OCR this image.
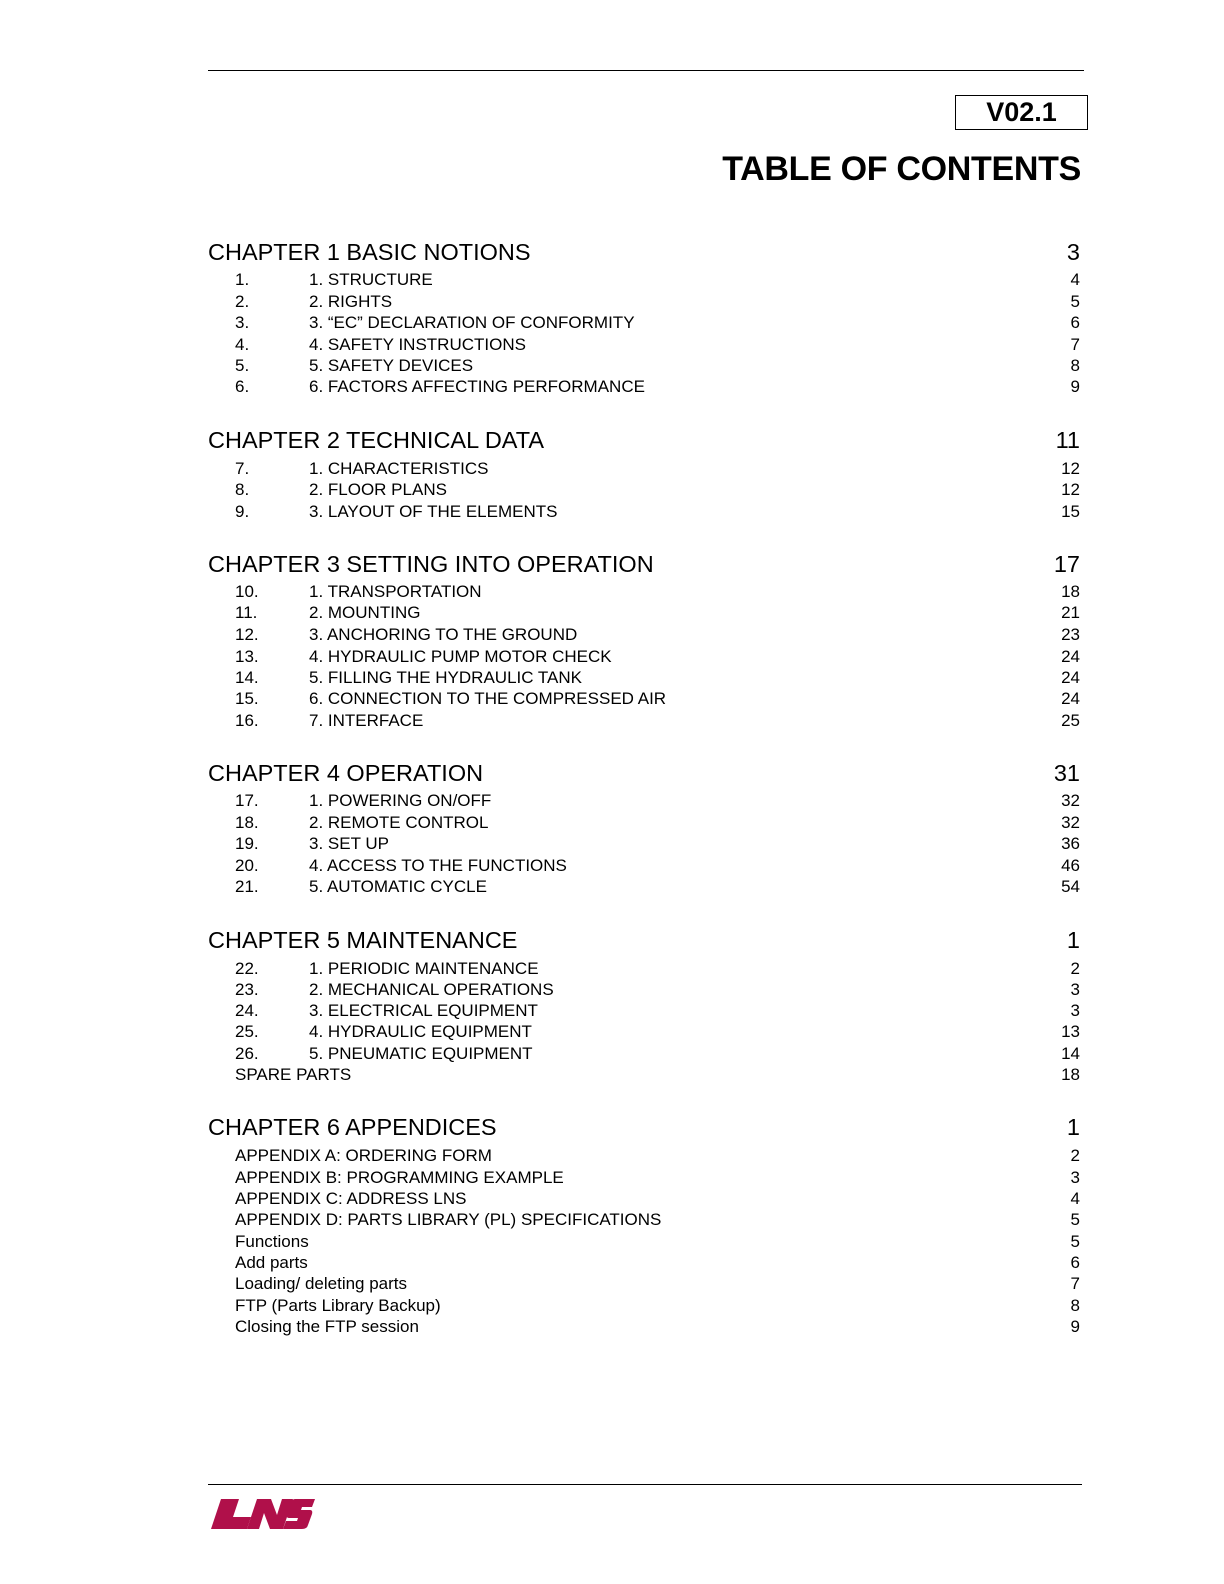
V02.1
TABLE OF CONTENTS
CHAPTER 1 BASIC NOTIONS	3
1.	1. STRUCTURE	4
2.	2. RIGHTS	5
3.	3. “EC” DECLARATION OF CONFORMITY	6
4.	4. SAFETY INSTRUCTIONS	7
5.	5. SAFETY DEVICES	8
6.	6. FACTORS AFFECTING PERFORMANCE	9
CHAPTER 2 TECHNICAL DATA	11
7.	1. CHARACTERISTICS	12
8.	2. FLOOR PLANS	12
9.	3. LAYOUT OF THE ELEMENTS	15
CHAPTER 3 SETTING INTO OPERATION	17
10.	1. TRANSPORTATION	18
11.	2. MOUNTING	21
12.	3. ANCHORING TO THE GROUND	23
13.	4. HYDRAULIC PUMP MOTOR CHECK	24
14.	5. FILLING THE HYDRAULIC TANK	24
15.	6. CONNECTION TO THE COMPRESSED AIR	24
16.	7. INTERFACE	25
CHAPTER 4 OPERATION	31
17.	1. POWERING ON/OFF	32
18.	2. REMOTE CONTROL	32
19.	3. SET UP	36
20.	4. ACCESS TO THE FUNCTIONS	46
21.	5. AUTOMATIC CYCLE	54
CHAPTER 5 MAINTENANCE	1
22.	1. PERIODIC MAINTENANCE	2
23.	2. MECHANICAL OPERATIONS	3
24.	3. ELECTRICAL EQUIPMENT	3
25.	4. HYDRAULIC EQUIPMENT	13
26.	5. PNEUMATIC EQUIPMENT	14
SPARE PARTS	18
CHAPTER 6 APPENDICES	1
APPENDIX A: ORDERING FORM	2
APPENDIX B: PROGRAMMING EXAMPLE	3
APPENDIX C: ADDRESS LNS	4
APPENDIX D: PARTS LIBRARY (PL) SPECIFICATIONS	5
Functions	5
Add parts	6
Loading/ deleting parts	7
FTP (Parts Library Backup)	8
Closing the FTP session	9
